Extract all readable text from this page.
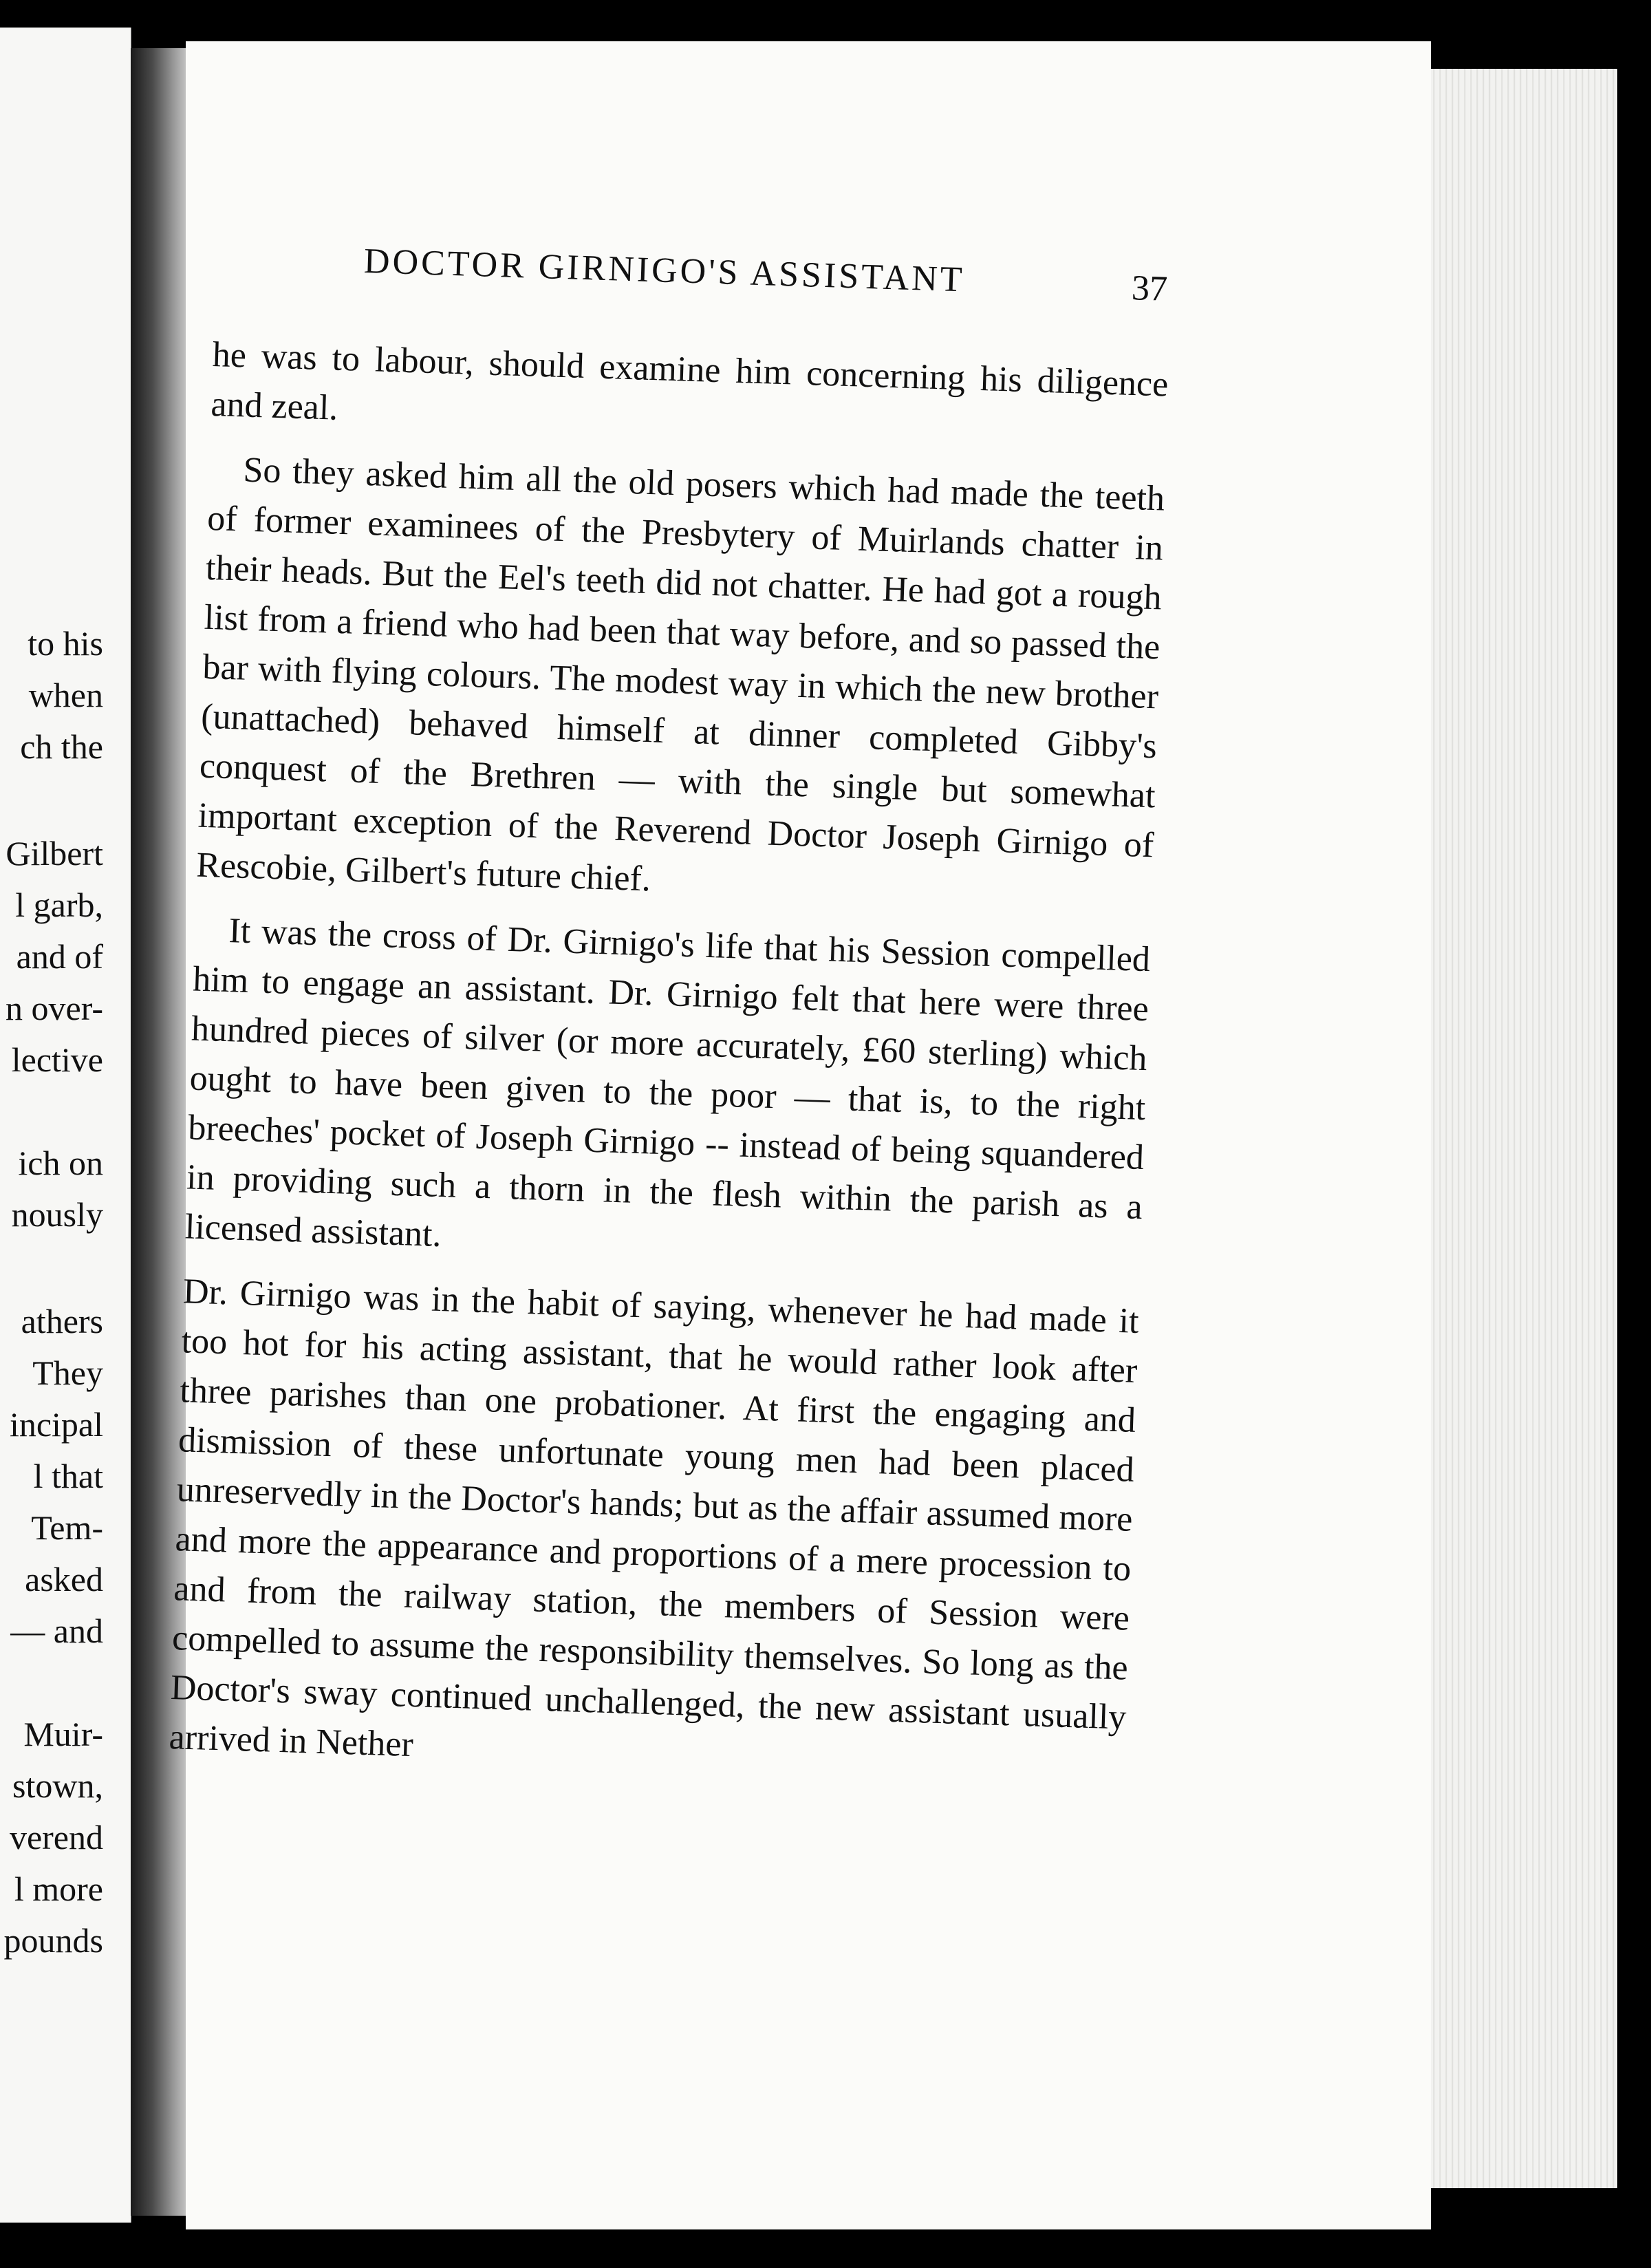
to his
when
ch the
Gilbert
l garb,
and of
n over-
lective
ich on
nously
athers
They
incipal
l that
Tem-
asked
— and
Muir-
stown,
verend
l more
pounds
DOCTOR GIRNIGO'S ASSISTANT	37

he was to labour, should examine him concerning his diligence and zeal.

So they asked him all the old posers which had made the teeth of former examinees of the Presbytery of Muirlands chatter in their heads. But the Eel's teeth did not chatter. He had got a rough list from a friend who had been that way before, and so passed the bar with flying colours. The modest way in which the new brother (unattached) behaved himself at dinner completed Gibby's conquest of the Brethren — with the single but somewhat important exception of the Reverend Doctor Joseph Girnigo of Rescobie, Gilbert's future chief.

It was the cross of Dr. Girnigo's life that his Session compelled him to engage an assistant. Dr. Girnigo felt that here were three hundred pieces of silver (or more accurately, £60 sterling) which ought to have been given to the poor — that is, to the right breeches' pocket of Joseph Girnigo -- instead of being squandered in providing such a thorn in the flesh within the parish as a licensed assistant.

Dr. Girnigo was in the habit of saying, whenever he had made it too hot for his acting assistant, that he would rather look after three parishes than one probationer. At first the engaging and dismission of these unfortunate young men had been placed unreservedly in the Doctor's hands; but as the affair assumed more and more the appearance and proportions of a mere procession to and from the railway station, the members of Session were compelled to assume the responsibility themselves. So long as the Doctor's sway continued unchallenged, the new assistant usually arrived in Nether
